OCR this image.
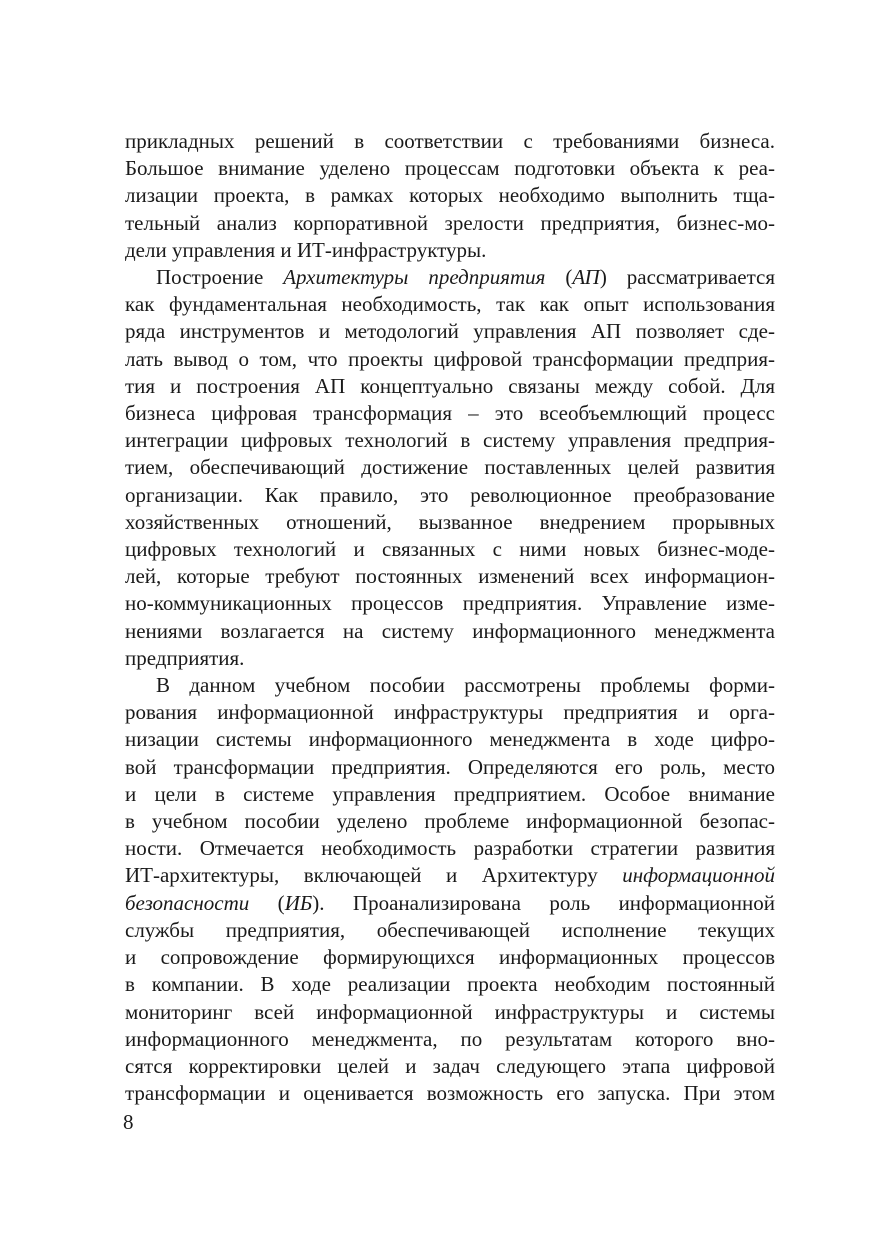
прикладных решений в соответствии с требованиями бизнеса.
Большое внимание уделено процессам подготовки объекта к реа-
лизации проекта, в рамках которых необходимо выполнить тща-
тельный анализ корпоративной зрелости предприятия, бизнес-мо-
дели управления и ИТ-инфраструктуры.
Построение Архитектуры предприятия (АП) рассматривается
как фундаментальная необходимость, так как опыт использования
ряда инструментов и методологий управления АП позволяет сде-
лать вывод о том, что проекты цифровой трансформации предприя-
тия и построения АП концептуально связаны между собой. Для
бизнеса цифровая трансформация – это всеобъемлющий процесс
интеграции цифровых технологий в систему управления предприя-
тием, обеспечивающий достижение поставленных целей развития
организации. Как правило, это революционное преобразование
хозяйственных отношений, вызванное внедрением прорывных
цифровых технологий и связанных с ними новых бизнес-моде-
лей, которые требуют постоянных изменений всех информацион-
но-коммуникационных процессов предприятия. Управление изме-
нениями возлагается на систему информационного менеджмента
предприятия.
В данном учебном пособии рассмотрены проблемы форми-
рования информационной инфраструктуры предприятия и орга-
низации системы информационного менеджмента в ходе цифро-
вой трансформации предприятия. Определяются его роль, место
и цели в системе управления предприятием. Особое внимание
в учебном пособии уделено проблеме информационной безопас-
ности. Отмечается необходимость разработки стратегии развития
ИТ-архитектуры, включающей и Архитектуру информационной
безопасности (ИБ). Проанализирована роль информационной
службы предприятия, обеспечивающей исполнение текущих
и сопровождение формирующихся информационных процессов
в компании. В ходе реализации проекта необходим постоянный
мониторинг всей информационной инфраструктуры и системы
информационного менеджмента, по результатам которого вно-
сятся корректировки целей и задач следующего этапа цифровой
трансформации и оценивается возможность его запуска. При этом
8
